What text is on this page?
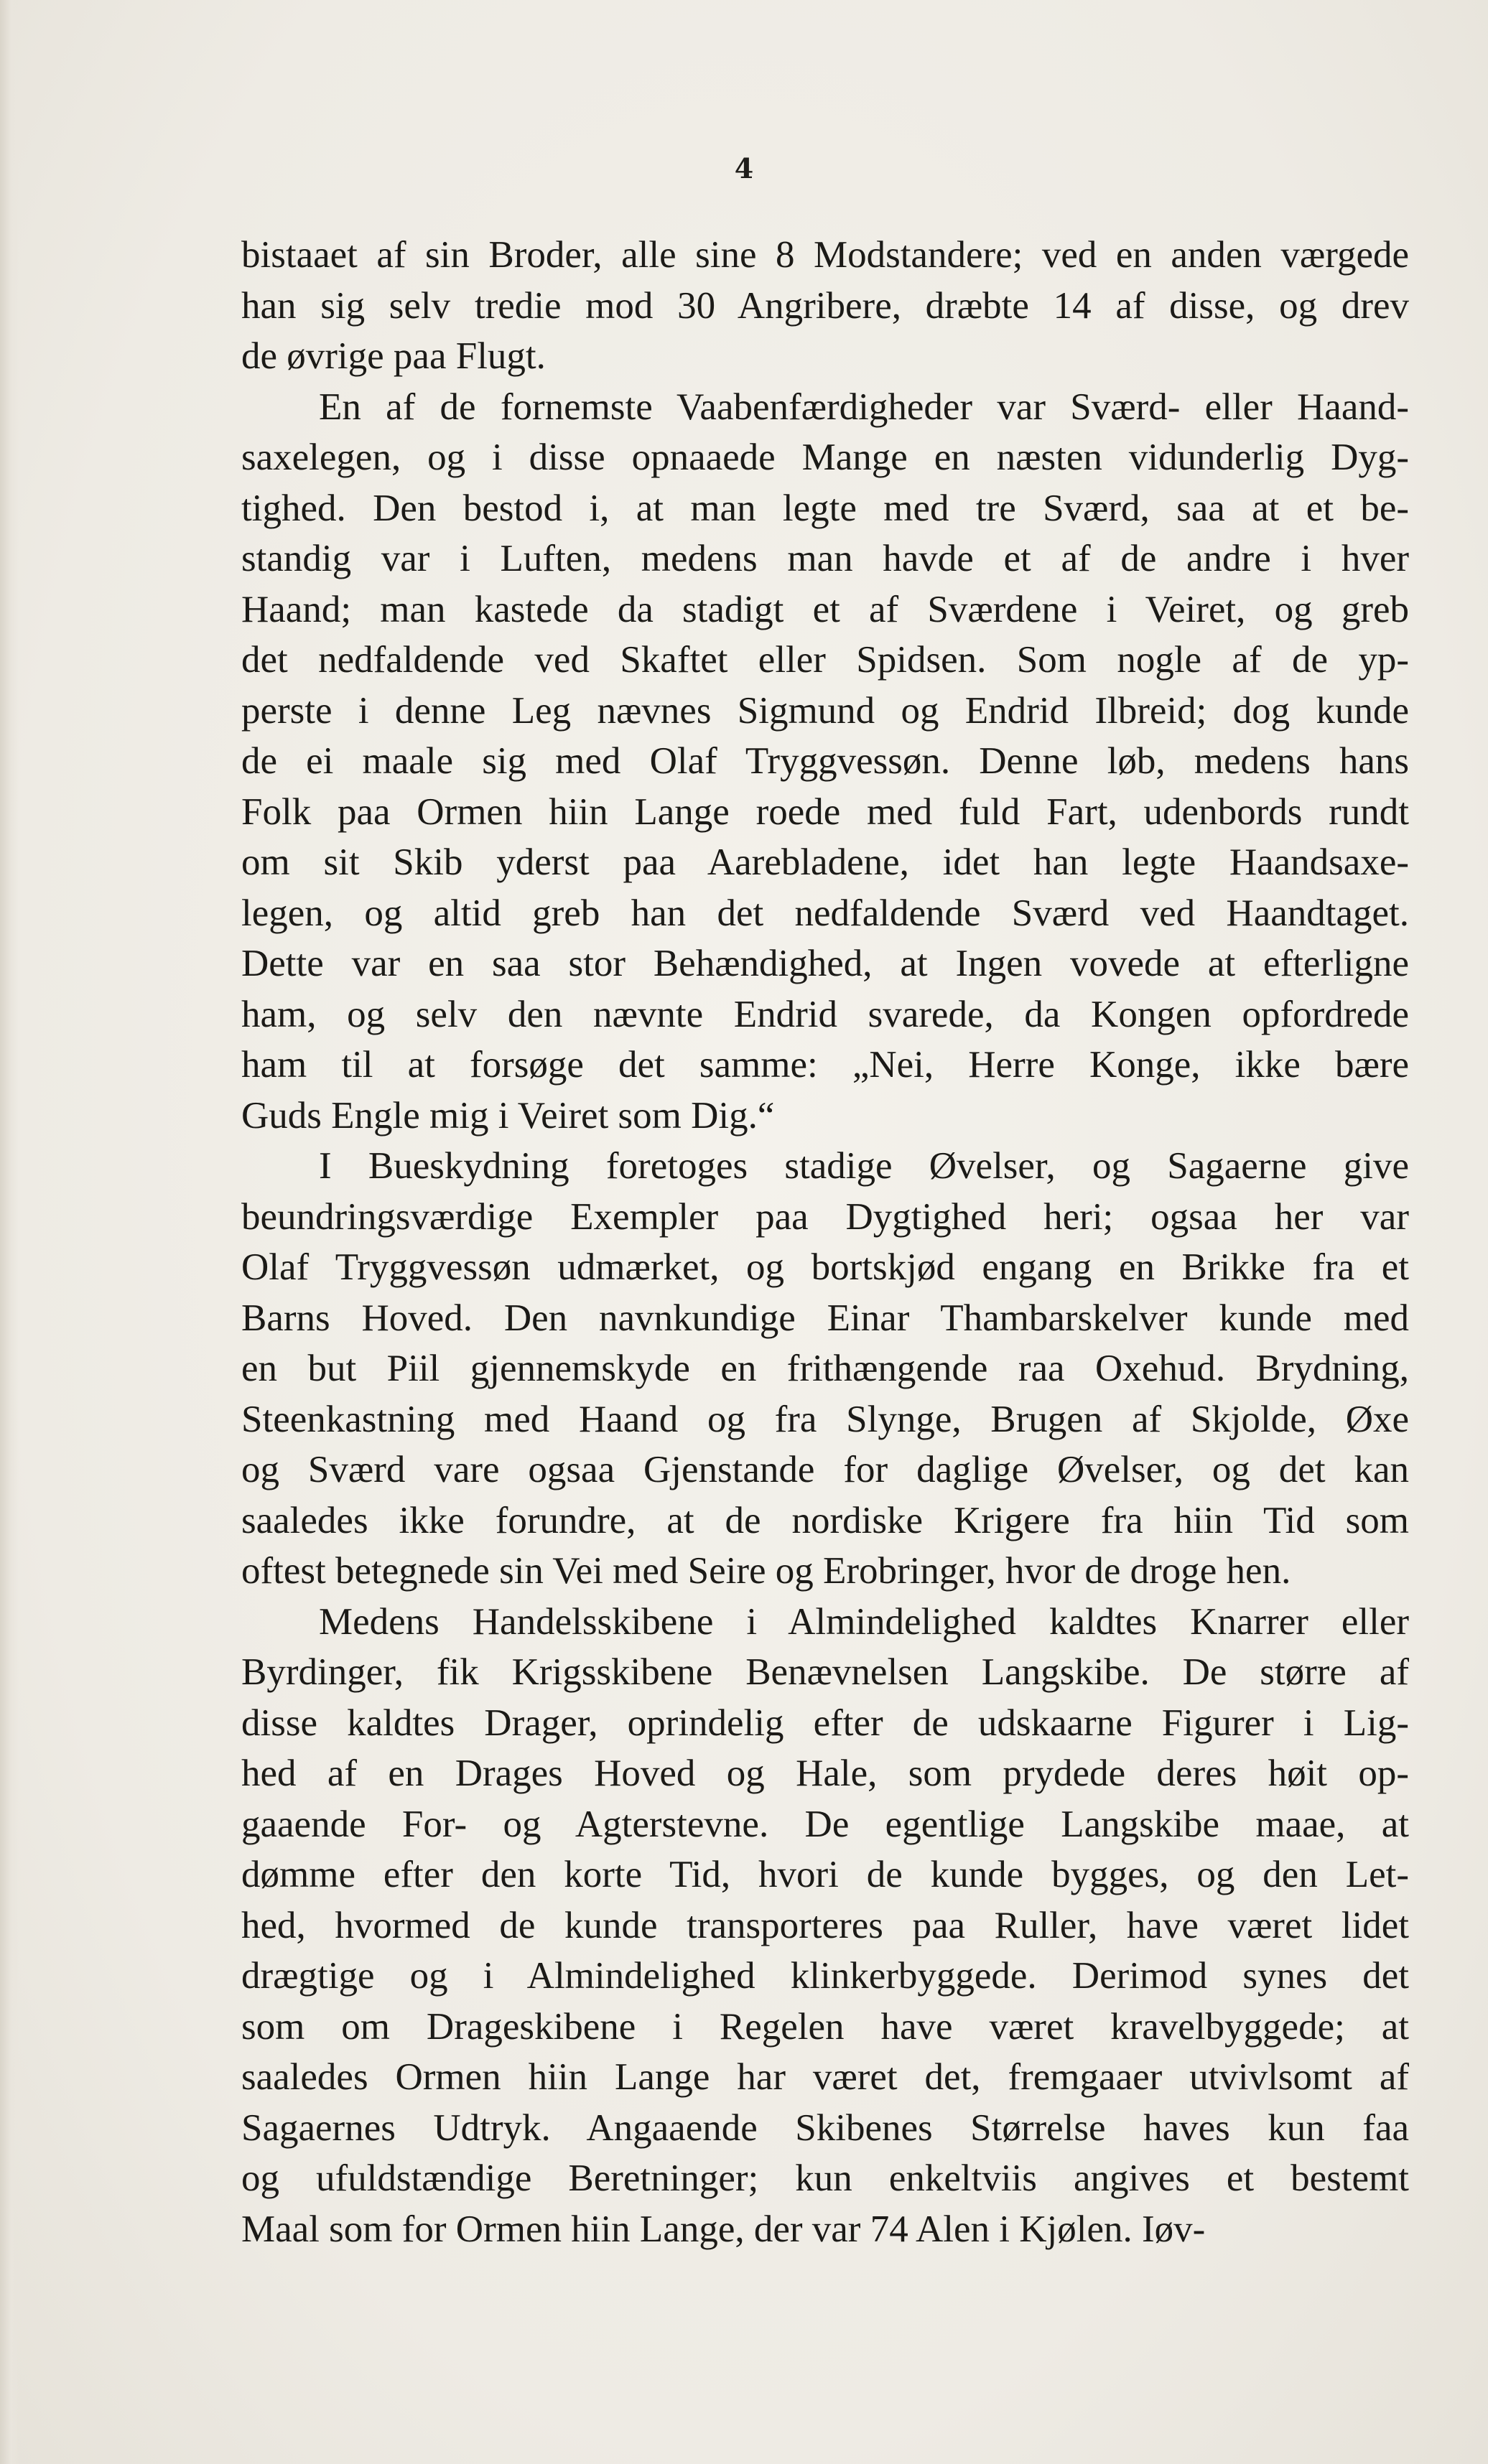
4
bistaaet af sin Broder, alle sine 8 Modstandere; ved en anden værgede
han sig selv tredie mod 30 Angribere, dræbte 14 af disse, og drev
de øvrige paa Flugt.
En af de fornemste Vaabenfærdigheder var Sværd- eller Haand-
saxelegen, og i disse opnaaede Mange en næsten vidunderlig Dyg-
tighed. Den bestod i, at man legte med tre Sværd, saa at et be-
standig var i Luften, medens man havde et af de andre i hver
Haand; man kastede da stadigt et af Sværdene i Veiret, og greb
det nedfaldende ved Skaftet eller Spidsen. Som nogle af de yp-
perste i denne Leg nævnes Sigmund og Endrid Ilbreid; dog kunde
de ei maale sig med Olaf Tryggvessøn. Denne løb, medens hans
Folk paa Ormen hiin Lange roede med fuld Fart, udenbords rundt
om sit Skib yderst paa Aarebladene, idet han legte Haandsaxe-
legen, og altid greb han det nedfaldende Sværd ved Haandtaget.
Dette var en saa stor Behændighed, at Ingen vovede at efterligne
ham, og selv den nævnte Endrid svarede, da Kongen opfordrede
ham til at forsøge det samme: „Nei, Herre Konge, ikke bære
Guds Engle mig i Veiret som Dig.“
I Bueskydning foretoges stadige Øvelser, og Sagaerne give
beundringsværdige Exempler paa Dygtighed heri; ogsaa her var
Olaf Tryggvessøn udmærket, og bortskjød engang en Brikke fra et
Barns Hoved. Den navnkundige Einar Thambarskelver kunde med
en but Piil gjennemskyde en frithængende raa Oxehud. Brydning,
Steenkastning med Haand og fra Slynge, Brugen af Skjolde, Øxe
og Sværd vare ogsaa Gjenstande for daglige Øvelser, og det kan
saaledes ikke forundre, at de nordiske Krigere fra hiin Tid som
oftest betegnede sin Vei med Seire og Erobringer, hvor de droge hen.
Medens Handelsskibene i Almindelighed kaldtes Knarrer eller
Byrdinger, fik Krigsskibene Benævnelsen Langskibe. De større af
disse kaldtes Drager, oprindelig efter de udskaarne Figurer i Lig-
hed af en Drages Hoved og Hale, som prydede deres høit op-
gaaende For- og Agterstevne. De egentlige Langskibe maae, at
dømme efter den korte Tid, hvori de kunde bygges, og den Let-
hed, hvormed de kunde transporteres paa Ruller, have været lidet
drægtige og i Almindelighed klinkerbyggede. Derimod synes det
som om Drageskibene i Regelen have været kravelbyggede; at
saaledes Ormen hiin Lange har været det, fremgaaer utvivlsomt af
Sagaernes Udtryk. Angaaende Skibenes Størrelse haves kun faa
og ufuldstændige Beretninger; kun enkeltviis angives et bestemt
Maal som for Ormen hiin Lange, der var 74 Alen i Kjølen. Iøv-
